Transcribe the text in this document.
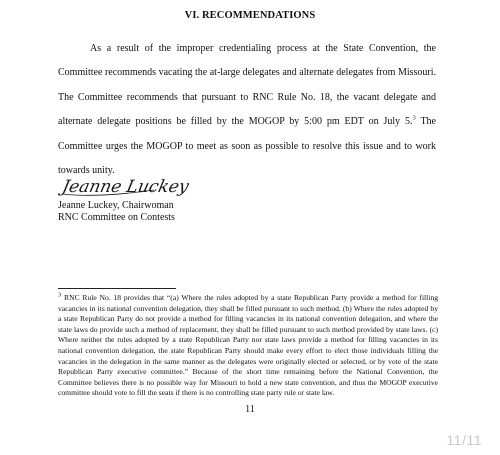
VI. RECOMMENDATIONS

As a result of the improper credentialing process at the State Convention, the Committee recommends vacating the at-large delegates and alternate delegates from Missouri. The Committee recommends that pursuant to RNC Rule No. 18, the vacant delegate and alternate delegate positions be filled by the MOGOP by 5:00 pm EDT on July 5.$^3$ The Committee urges the MOGOP to meet as soon as possible to resolve this issue and to work towards unity.

Jeanne Luckey
Jeanne Luckey, Chairwoman
RNC Committee on Contests

3 RNC Rule No. 18 provides that “(a) Where the rules adopted by a state Republican Party provide a method for filling vacancies in its national convention delegation, they shall be filled pursuant to such method. (b) Where the rules adopted by a state Republican Party do not provide a method for filling vacancies in its national convention delegation, and where the state laws do provide such a method of replacement, they shall be filled pursuant to such method provided by state laws. (c) Where neither the rules adopted by a state Republican Party nor state laws provide a method for filling vacancies in its national convention delegation, the state Republican Party should make every effort to elect those individuals filling the vacancies in the delegation in the same manner as the delegates were originally elected or selected, or by vote of the state Republican Party executive committee.” Because of the short time remaining before the National Convention, the Committee believes there is no possible way for Missouri to hold a new state convention, and thus the MOGOP executive committee should vote to fill the seats if there is no controlling state party rule or state law.

11
11/11
